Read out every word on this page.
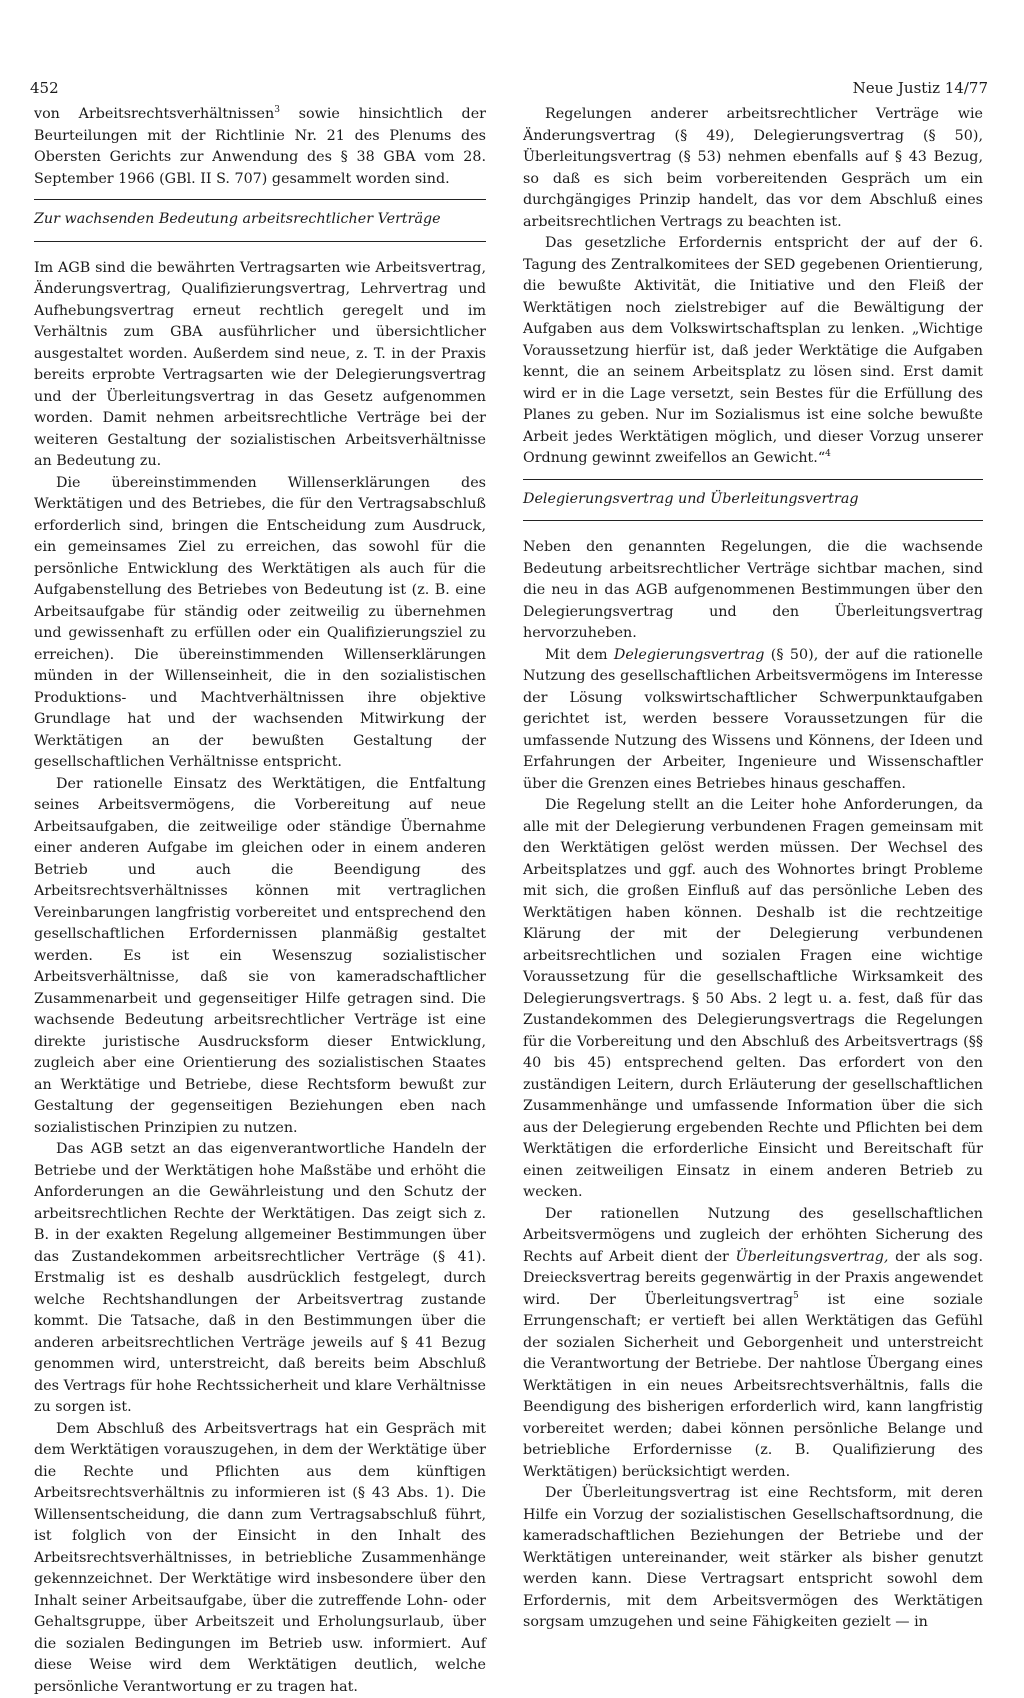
452	Neue Justiz 14/77

von Arbeitsrechtsverhältnissen$^3$ sowie hinsichtlich der Beurteilungen mit der Richtlinie Nr. 21 des Plenums des Obersten Gerichts zur Anwendung des § 38 GBA vom 28. September 1966 (GBl. II S. 707) gesammelt worden sind.

Zur wachsenden Bedeutung arbeitsrechtlicher Verträge

Im AGB sind die bewährten Vertragsarten wie Arbeitsvertrag, Änderungsvertrag, Qualifizierungsvertrag, Lehrvertrag und Aufhebungsvertrag erneut rechtlich geregelt und im Verhältnis zum GBA ausführlicher und übersichtlicher ausgestaltet worden. Außerdem sind neue, z. T. in der Praxis bereits erprobte Vertragsarten wie der Delegierungsvertrag und der Überleitungsvertrag in das Gesetz aufgenommen worden. Damit nehmen arbeitsrechtliche Verträge bei der weiteren Gestaltung der sozialistischen Arbeitsverhältnisse an Bedeutung zu.

Die übereinstimmenden Willenserklärungen des Werktätigen und des Betriebes, die für den Vertragsabschluß erforderlich sind, bringen die Entscheidung zum Ausdruck, ein gemeinsames Ziel zu erreichen, das sowohl für die persönliche Entwicklung des Werktätigen als auch für die Aufgabenstellung des Betriebes von Bedeutung ist (z. B. eine Arbeitsaufgabe für ständig oder zeitweilig zu übernehmen und gewissenhaft zu erfüllen oder ein Qualifizierungsziel zu erreichen). Die übereinstimmenden Willenserklärungen münden in der Willenseinheit, die in den sozialistischen Produktions- und Machtverhältnissen ihre objektive Grundlage hat und der wachsenden Mitwirkung der Werktätigen an der bewußten Gestaltung der gesellschaftlichen Verhältnisse entspricht.

Der rationelle Einsatz des Werktätigen, die Entfaltung seines Arbeitsvermögens, die Vorbereitung auf neue Arbeitsaufgaben, die zeitweilige oder ständige Übernahme einer anderen Aufgabe im gleichen oder in einem anderen Betrieb und auch die Beendigung des Arbeitsrechtsverhältnisses können mit vertraglichen Vereinbarungen langfristig vorbereitet und entsprechend den gesellschaftlichen Erfordernissen planmäßig gestaltet werden. Es ist ein Wesenszug sozialistischer Arbeitsverhältnisse, daß sie von kameradschaftlicher Zusammenarbeit und gegenseitiger Hilfe getragen sind. Die wachsende Bedeutung arbeitsrechtlicher Verträge ist eine direkte juristische Ausdrucksform dieser Entwicklung, zugleich aber eine Orientierung des sozialistischen Staates an Werktätige und Betriebe, diese Rechtsform bewußt zur Gestaltung der gegenseitigen Beziehungen eben nach sozialistischen Prinzipien zu nutzen.

Das AGB setzt an das eigenverantwortliche Handeln der Betriebe und der Werktätigen hohe Maßstäbe und erhöht die Anforderungen an die Gewährleistung und den Schutz der arbeitsrechtlichen Rechte der Werktätigen. Das zeigt sich z. B. in der exakten Regelung allgemeiner Bestimmungen über das Zustandekommen arbeitsrechtlicher Verträge (§ 41). Erstmalig ist es deshalb ausdrücklich festgelegt, durch welche Rechtshandlungen der Arbeitsvertrag zustande kommt. Die Tatsache, daß in den Bestimmungen über die anderen arbeitsrechtlichen Verträge jeweils auf § 41 Bezug genommen wird, unterstreicht, daß bereits beim Abschluß des Vertrags für hohe Rechtssicherheit und klare Verhältnisse zu sorgen ist.

Dem Abschluß des Arbeitsvertrags hat ein Gespräch mit dem Werktätigen vorauszugehen, in dem der Werktätige über die Rechte und Pflichten aus dem künftigen Arbeitsrechtsverhältnis zu informieren ist (§ 43 Abs. 1). Die Willensentscheidung, die dann zum Vertragsabschluß führt, ist folglich von der Einsicht in den Inhalt des Arbeitsrechtsverhältnisses, in betriebliche Zusammenhänge gekennzeichnet. Der Werktätige wird insbesondere über den Inhalt seiner Arbeitsaufgabe, über die zutreffende Lohn- oder Gehaltsgruppe, über Arbeitszeit und Erholungsurlaub, über die sozialen Bedingungen im Betrieb usw. informiert. Auf diese Weise wird dem Werktätigen deutlich, welche persönliche Verantwortung er zu tragen hat.

Regelungen anderer arbeitsrechtlicher Verträge wie Änderungsvertrag (§ 49), Delegierungsvertrag (§ 50), Überleitungsvertrag (§ 53) nehmen ebenfalls auf § 43 Bezug, so daß es sich beim vorbereitenden Gespräch um ein durchgängiges Prinzip handelt, das vor dem Abschluß eines arbeitsrechtlichen Vertrags zu beachten ist.

Das gesetzliche Erfordernis entspricht der auf der 6. Tagung des Zentralkomitees der SED gegebenen Orientierung, die bewußte Aktivität, die Initiative und den Fleiß der Werktätigen noch zielstrebiger auf die Bewältigung der Aufgaben aus dem Volkswirtschaftsplan zu lenken. „Wichtige Voraussetzung hierfür ist, daß jeder Werktätige die Aufgaben kennt, die an seinem Arbeitsplatz zu lösen sind. Erst damit wird er in die Lage versetzt, sein Bestes für die Erfüllung des Planes zu geben. Nur im Sozialismus ist eine solche bewußte Arbeit jedes Werktätigen möglich, und dieser Vorzug unserer Ordnung gewinnt zweifellos an Gewicht.“$^4$

Delegierungsvertrag und Überleitungsvertrag

Neben den genannten Regelungen, die die wachsende Bedeutung arbeitsrechtlicher Verträge sichtbar machen, sind die neu in das AGB aufgenommenen Bestimmungen über den Delegierungsvertrag und den Überleitungsvertrag hervorzuheben.

Mit dem Delegierungsvertrag (§ 50), der auf die rationelle Nutzung des gesellschaftlichen Arbeitsvermögens im Interesse der Lösung volkswirtschaftlicher Schwerpunktaufgaben gerichtet ist, werden bessere Voraussetzungen für die umfassende Nutzung des Wissens und Könnens, der Ideen und Erfahrungen der Arbeiter, Ingenieure und Wissenschaftler über die Grenzen eines Betriebes hinaus geschaffen.

Die Regelung stellt an die Leiter hohe Anforderungen, da alle mit der Delegierung verbundenen Fragen gemeinsam mit den Werktätigen gelöst werden müssen. Der Wechsel des Arbeitsplatzes und ggf. auch des Wohnortes bringt Probleme mit sich, die großen Einfluß auf das persönliche Leben des Werktätigen haben können. Deshalb ist die rechtzeitige Klärung der mit der Delegierung verbundenen arbeitsrechtlichen und sozialen Fragen eine wichtige Voraussetzung für die gesellschaftliche Wirksamkeit des Delegierungsvertrags. § 50 Abs. 2 legt u. a. fest, daß für das Zustandekommen des Delegierungsvertrags die Regelungen für die Vorbereitung und den Abschluß des Arbeitsvertrags (§§ 40 bis 45) entsprechend gelten. Das erfordert von den zuständigen Leitern, durch Erläuterung der gesellschaftlichen Zusammenhänge und umfassende Information über die sich aus der Delegierung ergebenden Rechte und Pflichten bei dem Werktätigen die erforderliche Einsicht und Bereitschaft für einen zeitweiligen Einsatz in einem anderen Betrieb zu wecken.

Der rationellen Nutzung des gesellschaftlichen Arbeitsvermögens und zugleich der erhöhten Sicherung des Rechts auf Arbeit dient der Überleitungsvertrag, der als sog. Dreiecksvertrag bereits gegenwärtig in der Praxis angewendet wird. Der Überleitungsvertrag$^5$ ist eine soziale Errungenschaft; er vertieft bei allen Werktätigen das Gefühl der sozialen Sicherheit und Geborgenheit und unterstreicht die Verantwortung der Betriebe. Der nahtlose Übergang eines Werktätigen in ein neues Arbeitsrechtsverhältnis, falls die Beendigung des bisherigen erforderlich wird, kann langfristig vorbereitet werden; dabei können persönliche Belange und betriebliche Erfordernisse (z. B. Qualifizierung des Werktätigen) berücksichtigt werden.

Der Überleitungsvertrag ist eine Rechtsform, mit deren Hilfe ein Vorzug der sozialistischen Gesellschaftsordnung, die kameradschaftlichen Beziehungen der Betriebe und der Werktätigen untereinander, weit stärker als bisher genutzt werden kann. Diese Vertragsart entspricht sowohl dem Erfordernis, mit dem Arbeitsvermögen des Werktätigen sorgsam umzugehen und seine Fähigkeiten gezielt — in
